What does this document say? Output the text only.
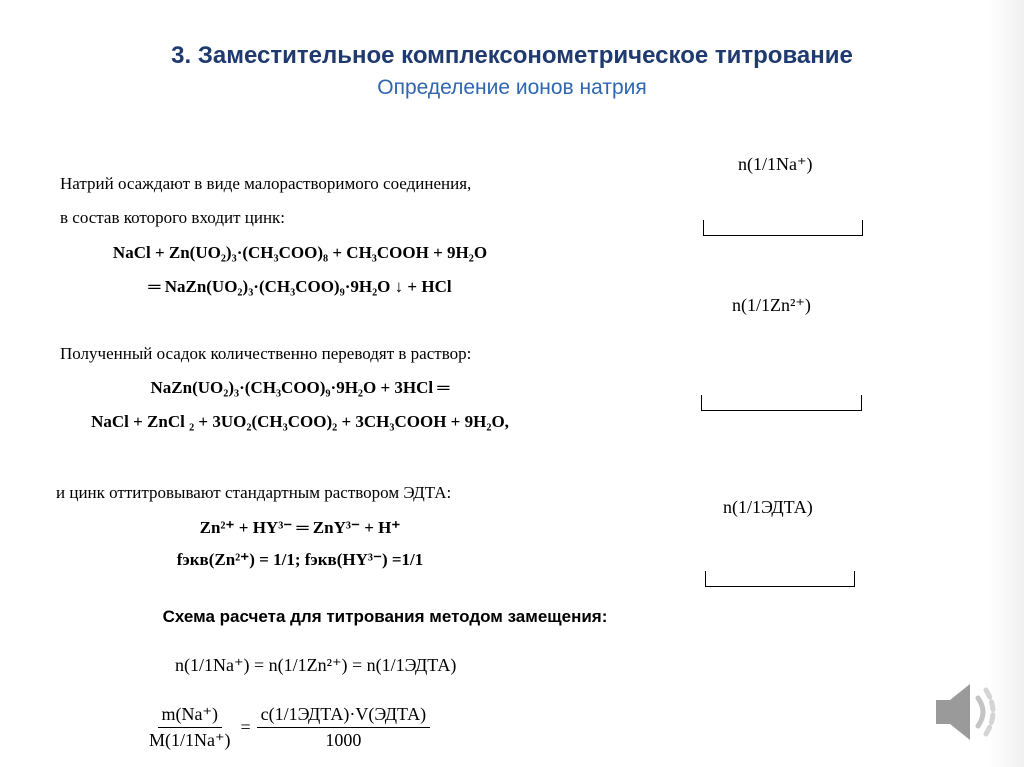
3. Заместительное комплексонометрическое титрование
Определение ионов натрия
Натрий осаждают в виде малорастворимого соединения,
в состав которого входит цинк:
NaCl + Zn(UO₂)₃·(CH₃COO)₈ + CH₃COOH + 9H₂O
═ NaZn(UO₂)₃·(CH₃COO)₉·9H₂O ↓ + HCl
Полученный осадок количественно переводят в раствор:
NaZn(UO₂)₃·(CH₃COO)₉·9H₂O + 3HCl ═
NaCl + ZnCl ₂ + 3UO₂(CH₃COO)₂ + 3CH₃COOH + 9H₂O,
и цинк оттитровывают стандартным раствором ЭДТА:
Zn²⁺ + HY³⁻ ═ ZnY³⁻ + H⁺
fэкв(Zn²⁺) = 1/1; fэкв(HY³⁻) =1/1
n(1/1Na⁺)
n(1/1Zn²⁺)
n(1/1ЭДТА)
Схема расчета для титрования методом замещения:
n(1/1Na⁺) = n(1/1Zn²⁺) = n(1/1ЭДТА)
$\frac{m(Na^+)}{M(1/1Na^+)} = \frac{\text{c(1/1ЭДТА)·V(ЭДТА)}}{1000}$
